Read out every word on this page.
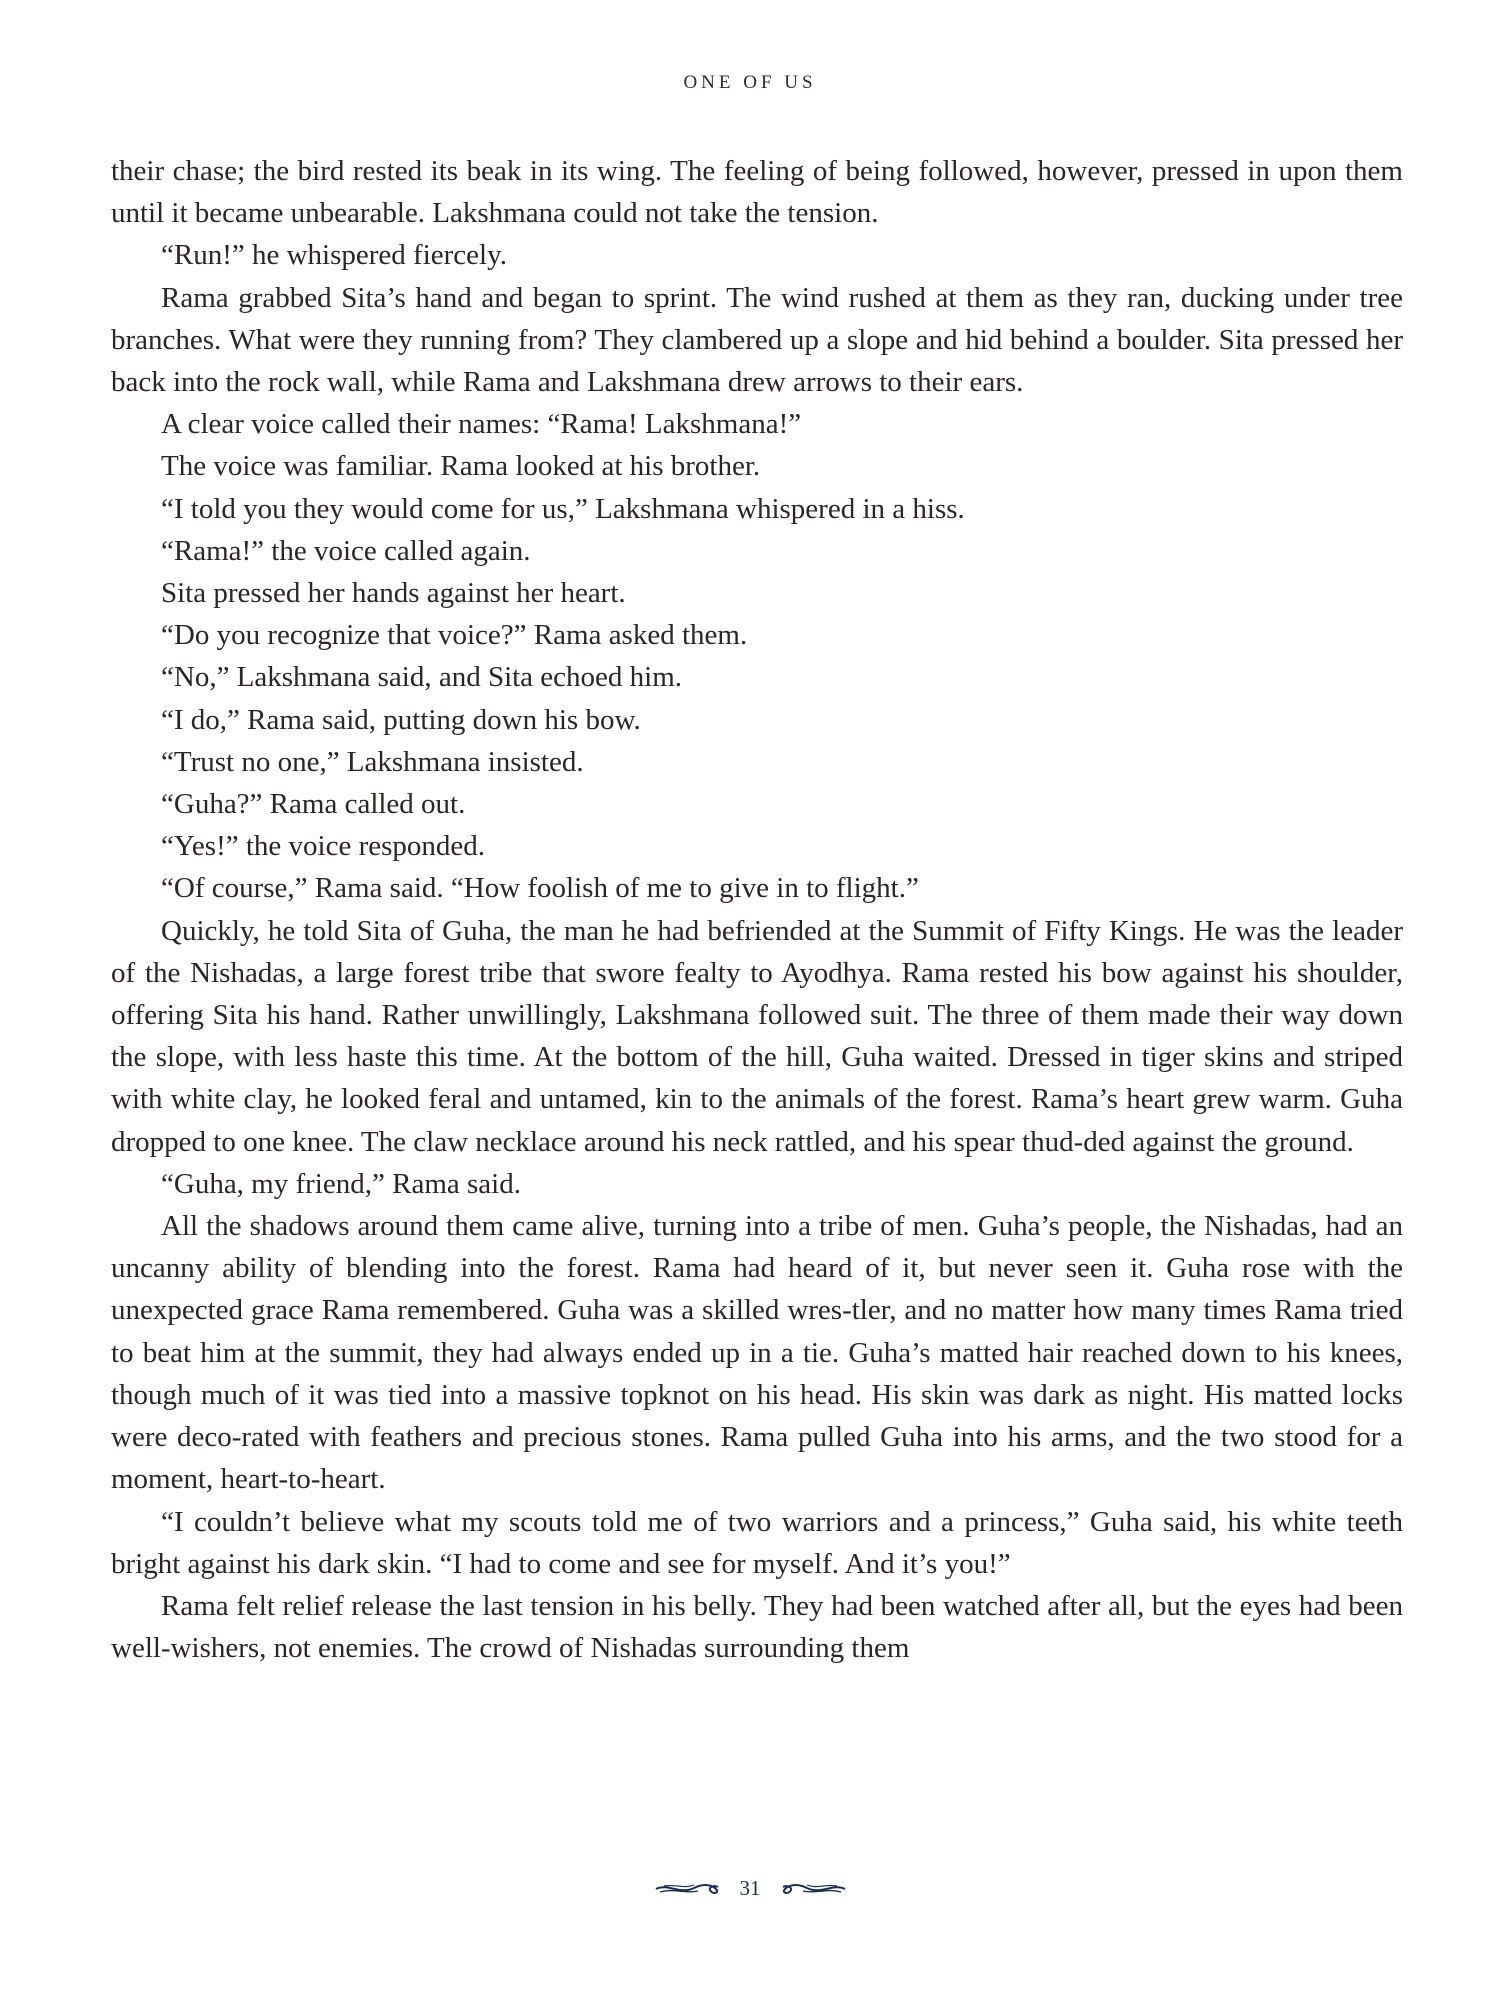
ONE OF US

their chase; the bird rested its beak in its wing. The feeling of being followed, however, pressed in upon them until it became unbearable. Lakshmana could not take the tension.

“Run!” he whispered fiercely.

Rama grabbed Sita’s hand and began to sprint. The wind rushed at them as they ran, ducking under tree branches. What were they running from? They clambered up a slope and hid behind a boulder. Sita pressed her back into the rock wall, while Rama and Lakshmana drew arrows to their ears.

A clear voice called their names: “Rama! Lakshmana!”

The voice was familiar. Rama looked at his brother.

“I told you they would come for us,” Lakshmana whispered in a hiss.

“Rama!” the voice called again.

Sita pressed her hands against her heart.

“Do you recognize that voice?” Rama asked them.

“No,” Lakshmana said, and Sita echoed him.

“I do,” Rama said, putting down his bow.

“Trust no one,” Lakshmana insisted.

“Guha?” Rama called out.

“Yes!” the voice responded.

“Of course,” Rama said. “How foolish of me to give in to flight.”

Quickly, he told Sita of Guha, the man he had befriended at the Summit of Fifty Kings. He was the leader of the Nishadas, a large forest tribe that swore fealty to Ayodhya. Rama rested his bow against his shoulder, offering Sita his hand. Rather unwillingly, Lakshmana followed suit. The three of them made their way down the slope, with less haste this time. At the bottom of the hill, Guha waited. Dressed in tiger skins and striped with white clay, he looked feral and untamed, kin to the animals of the forest. Rama’s heart grew warm. Guha dropped to one knee. The claw necklace around his neck rattled, and his spear thud-ded against the ground.

“Guha, my friend,” Rama said.

All the shadows around them came alive, turning into a tribe of men. Guha’s people, the Nishadas, had an uncanny ability of blending into the forest. Rama had heard of it, but never seen it. Guha rose with the unexpected grace Rama remembered. Guha was a skilled wres-tler, and no matter how many times Rama tried to beat him at the summit, they had always ended up in a tie. Guha’s matted hair reached down to his knees, though much of it was tied into a massive topknot on his head. His skin was dark as night. His matted locks were deco-rated with feathers and precious stones. Rama pulled Guha into his arms, and the two stood for a moment, heart-to-heart.

“I couldn’t believe what my scouts told me of two warriors and a princess,” Guha said, his white teeth bright against his dark skin. “I had to come and see for myself. And it’s you!”

Rama felt relief release the last tension in his belly. They had been watched after all, but the eyes had been well-wishers, not enemies. The crowd of Nishadas surrounding them

31
